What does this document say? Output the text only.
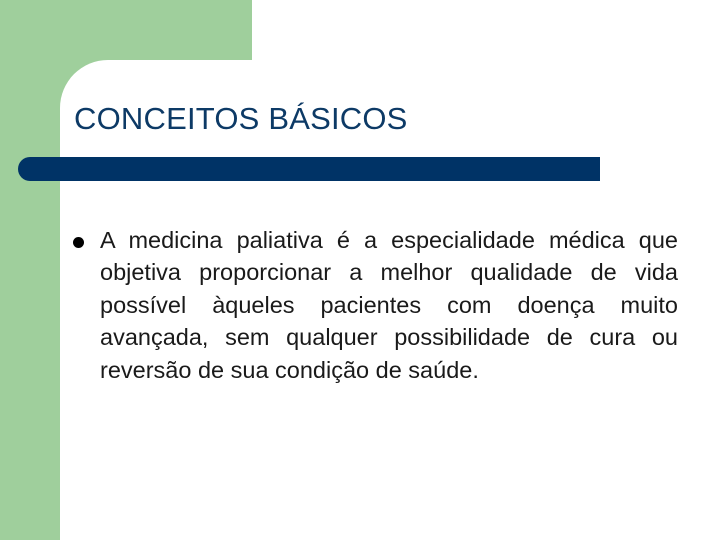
CONCEITOS BÁSICOS

A medicina paliativa é a especialidade médica que objetiva proporcionar a melhor qualidade de vida possível àqueles pacientes com doença muito avançada, sem qualquer possibilidade de cura ou reversão de sua condição de saúde.
